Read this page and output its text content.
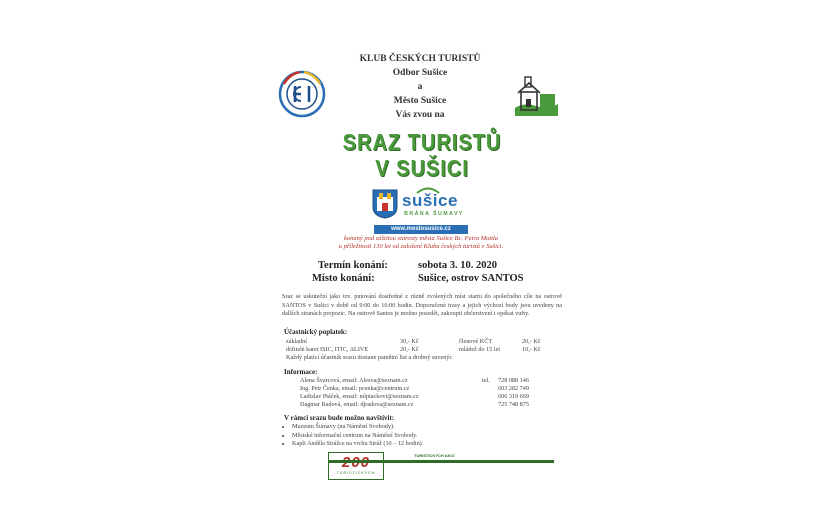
KLUB ČESKÝCH TURISTŮ
Odbor Sušice
a
Město Sušice
Vás zvou na
SRAZ TURISTŮ
V SUŠICI
sušice
BRÁNA ŠUMAVY
www.mestosusice.cz
konaný pod záštitou starosty města Sušice Bc. Petra Mottla
u příležitosti 130 let od založení Klubu českých turistů v Sušici.
Termín konání:	sobota 3. 10. 2020
Místo konání:	Sušice, ostrov SANTOS
Sraz se uskuteční jako tzv. putování dostředné z různě zvolených míst startu do společného cíle na ostrově SANTOS v Sušici v době od 9:00 do 16:00 hodin. Doporučené trasy a jejich výchozí body jsou uvedeny na dalších stranách propozic. Na ostrově Santos je možno posedět, zakoupit občerstvení i opékat vuřty.
Účastnický poplatek:
základní	30,- Kč	členové KČT	20,- Kč
držitelé karet ISIC, ITIC, ALIVE	20,- Kč	mládež do 15 let	10,- Kč
Každý platící účastník srazu dostane pamětní list a drobný suvenýr.
Informace:
Alena Švarcová, email: Alesva@seznam.cz	tel. 728 088 146
Ing. Petr Čenka, email: pcenka@centrum.cz	603 282 749
Ladislav Ptáček, email: mlptackovi@seznam.cz	606 319 669
Dagmar Radová, email: djradova@seznam.cz	725 748 875
V rámci srazu bude možno navštívit:
• Muzeum Šumavy (na Náměstí Svobody).
• Městské informační centrum na Náměstí Svobody.
• Kapli Anděla Strážce na vrchu Stráž (10 – 12 hodin).
TURISTICKÝCH
TURISTICKÝCH AKCÍ
